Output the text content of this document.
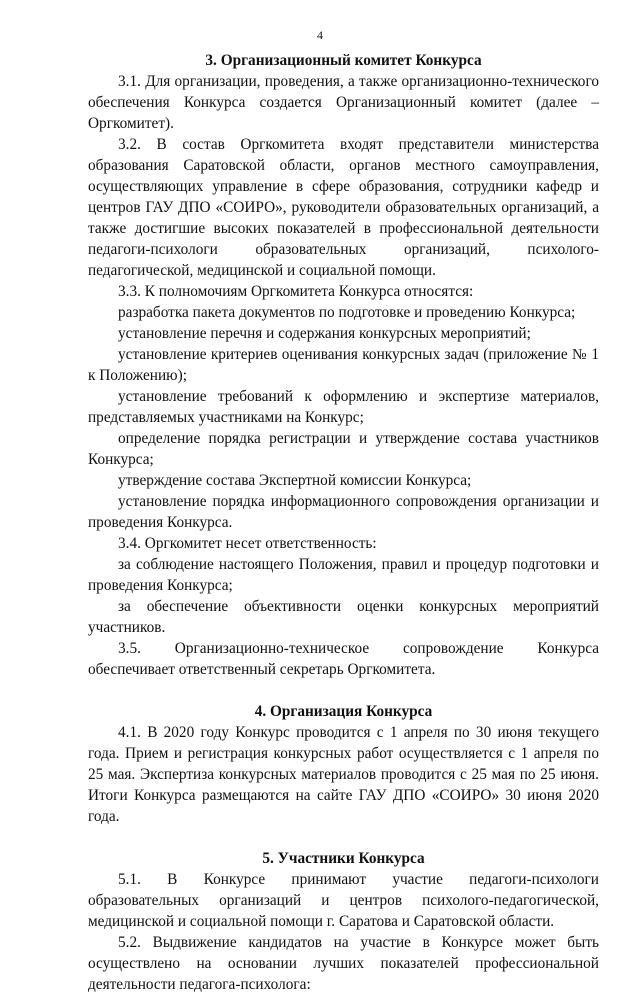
4
3. Организационный комитет Конкурса

3.1. Для организации, проведения, а также организационно-технического обеспечения Конкурса создается Организационный комитет (далее – Оргкомитет).

3.2. В состав Оргкомитета входят представители министерства образования Саратовской области, органов местного самоуправления, осуществляющих управление в сфере образования, сотрудники кафедр и центров ГАУ ДПО «СОИРО», руководители образовательных организаций, а также достигшие высоких показателей в профессиональной деятельности педагоги-психологи образовательных организаций, психолого-педагогической, медицинской и социальной помощи.

3.3. К полномочиям Оргкомитета Конкурса относятся:

разработка пакета документов по подготовке и проведению Конкурса;

установление перечня и содержания конкурсных мероприятий;

установление критериев оценивания конкурсных задач (приложение № 1 к Положению);

установление требований к оформлению и экспертизе материалов, представляемых участниками на Конкурс;

определение порядка регистрации и утверждение состава участников Конкурса;

утверждение состава Экспертной комиссии Конкурса;

установление порядка информационного сопровождения организации и проведения Конкурса.

3.4. Оргкомитет несет ответственность:

за соблюдение настоящего Положения, правил и процедур подготовки и проведения Конкурса;

за обеспечение объективности оценки конкурсных мероприятий участников.

3.5. Организационно-техническое сопровождение Конкурса обеспечивает ответственный секретарь Оргкомитета.

4. Организация Конкурса

4.1. В 2020 году Конкурс проводится с 1 апреля по 30 июня текущего года. Прием и регистрация конкурсных работ осуществляется с 1 апреля по 25 мая. Экспертиза конкурсных материалов проводится с 25 мая по 25 июня. Итоги Конкурса размещаются на сайте ГАУ ДПО «СОИРО» 30 июня 2020 года.

5. Участники Конкурса

5.1. В Конкурсе принимают участие педагоги-психологи образовательных организаций и центров психолого-педагогической, медицинской и социальной помощи г. Саратова и Саратовской области.

5.2. Выдвижение кандидатов на участие в Конкурсе может быть осуществлено на основании лучших показателей профессиональной деятельности педагога-психолога:
